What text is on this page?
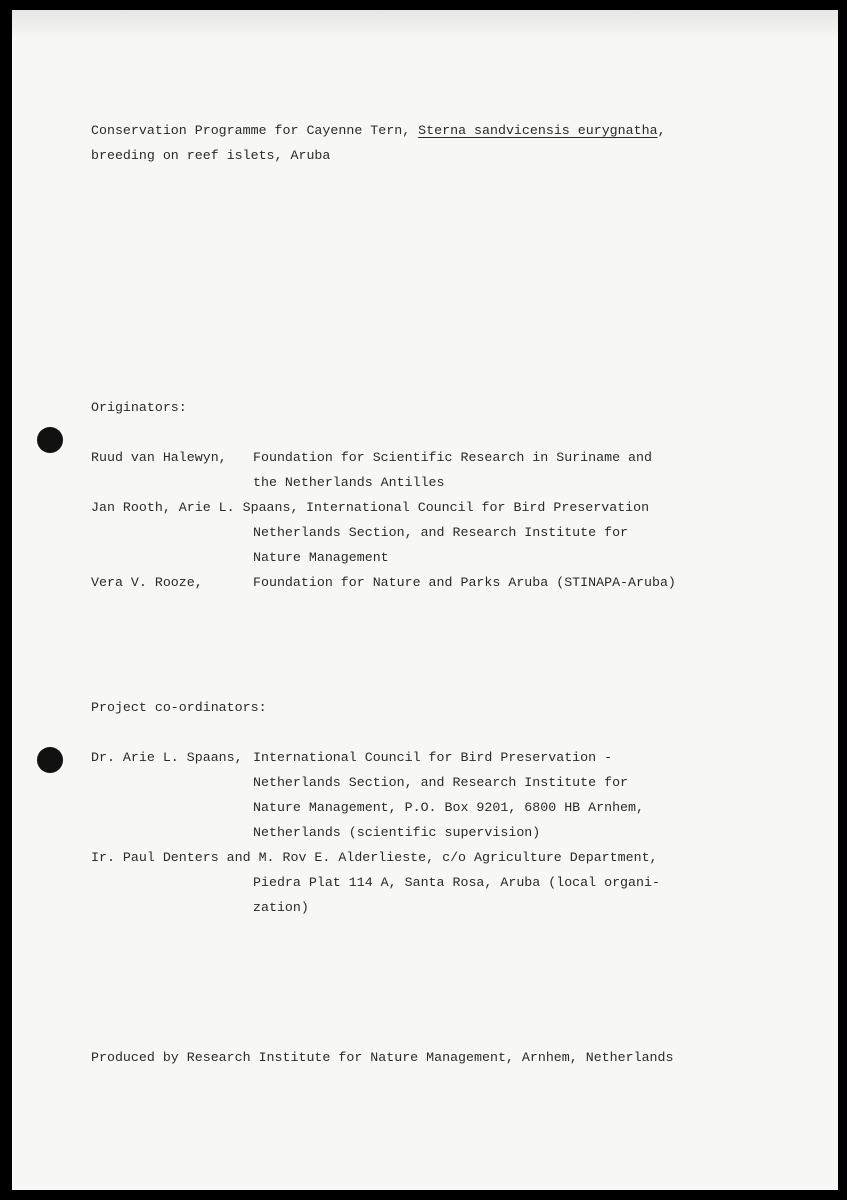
Conservation Programme for Cayenne Tern, Sterna sandvicensis eurygnatha,
breeding on reef islets, Aruba
Originators:
Ruud van Halewyn, Foundation for Scientific Research in Suriname and
the Netherlands Antilles
Jan Rooth, Arie L. Spaans, International Council for Bird Preservation
Netherlands Section, and Research Institute for
Nature Management
Vera V. Rooze,	Foundation for Nature and Parks Aruba (STINAPA-Aruba)
Project co-ordinators:
Dr. Arie L. Spaans, International Council for Bird Preservation -
Netherlands Section, and Research Institute for
Nature Management, P.O. Box 9201, 6800 HB Arnhem,
Netherlands (scientific supervision)
Ir. Paul Denters and M. Rov E. Alderlieste, c/o Agriculture Department,
Piedra Plat 114 A, Santa Rosa, Aruba (local organi-
zation)
Produced by Research Institute for Nature Management, Arnhem, Netherlands
